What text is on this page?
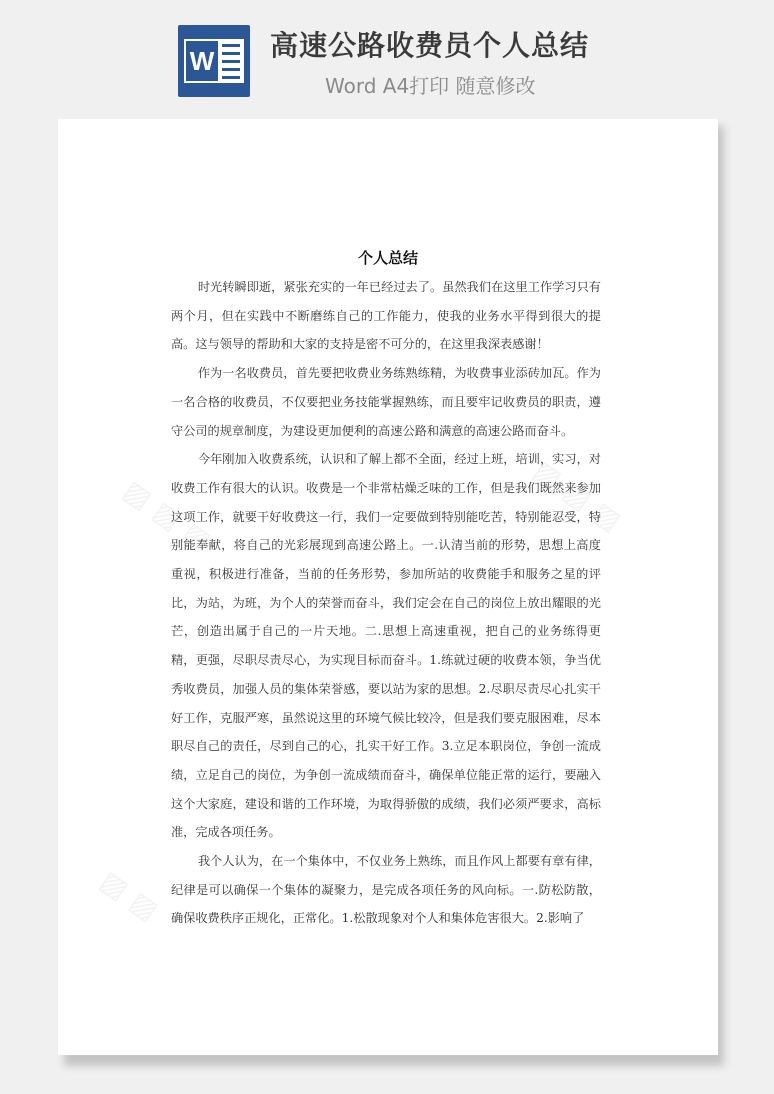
W 高速公路收费员个人总结
Word A4打印 随意修改
▨ ▨ ▨	▨ ▨ ▨
▨ ▨
个人总结

时光转瞬即逝，紧张充实的一年已经过去了。虽然我们在这里工作学习只有两个月，但在实践中不断磨练自己的工作能力，使我的业务水平得到很大的提高。这与领导的帮助和大家的支持是密不可分的，在这里我深表感谢！

作为一名收费员，首先要把收费业务练熟练精，为收费事业添砖加瓦。作为一名合格的收费员，不仅要把业务技能掌握熟练，而且要牢记收费员的职责，遵守公司的规章制度，为建设更加便利的高速公路和满意的高速公路而奋斗。

今年刚加入收费系统，认识和了解上都不全面，经过上班，培训，实习，对收费工作有很大的认识。收费是一个非常枯燥乏味的工作，但是我们既然来参加这项工作，就要干好收费这一行，我们一定要做到特别能吃苦，特别能忍受，特别能奉献，将自己的光彩展现到高速公路上。一.认清当前的形势，思想上高度重视，积极进行准备，当前的任务形势，参加所站的收费能手和服务之星的评比，为站，为班，为个人的荣誉而奋斗，我们定会在自己的岗位上放出耀眼的光芒，创造出属于自己的一片天地。二.思想上高速重视，把自己的业务练得更精，更强，尽职尽责尽心，为实现目标而奋斗。1.练就过硬的收费本领，争当优秀收费员，加强人员的集体荣誉感，要以站为家的思想。2.尽职尽责尽心扎实干好工作，克服严寒，虽然说这里的环境气候比较冷，但是我们要克服困难，尽本职尽自己的责任，尽到自己的心，扎实干好工作。3.立足本职岗位，争创一流成绩，立足自己的岗位，为争创一流成绩而奋斗，确保单位能正常的运行，要融入这个大家庭，建设和谐的工作环境，为取得骄傲的成绩，我们必须严要求，高标准，完成各项任务。

我个人认为，在一个集体中，不仅业务上熟练，而且作风上都要有章有律，纪律是可以确保一个集体的凝聚力，是完成各项任务的风向标。一.防松防散，确保收费秩序正规化，正常化。1.松散现象对个人和集体危害很大。2.影响了
